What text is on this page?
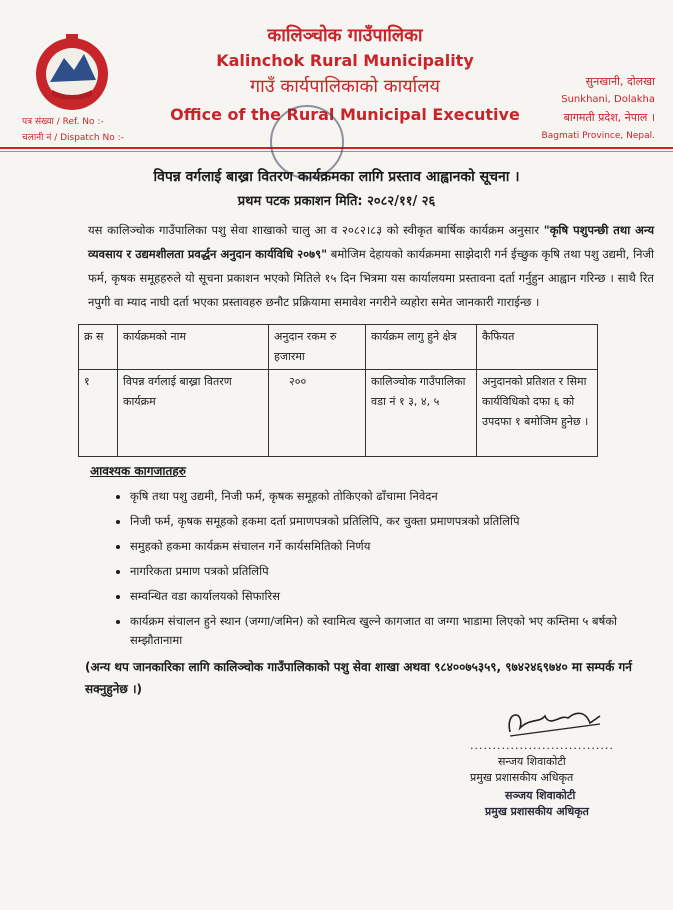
कालिञ्चोक गाउँपालिका
Kalinchok Rural Municipality
गाउँ कार्यपालिकाको कार्यालय
Office of the Rural Municipal Executive
पत्र संख्या / Ref. No :-
चलानी नं / Dispatch No :-
सुनखानी, दोलखा
Sunkhani, Dolakha
बागमती प्रदेश, नेपाल ।
Bagmati Province, Nepal.
विपन्न वर्गलाई बाख्रा वितरण कार्यक्रमका लागि प्रस्ताव आह्वानको सूचना ।
प्रथम पटक प्रकाशन मिति: २०८२/११/ २६
यस कालिञ्चोक गाउँपालिका पशु सेवा शाखाको चालु आ व २०८२।८३ को स्वीकृत बार्षिक कार्यक्रम अनुसार "कृषि पशुपन्छी तथा अन्य व्यवसाय र उद्यमशीलता प्रवर्द्धन अनुदान कार्यविधि २०७९" बमोजिम देहायको कार्यक्रममा साझेदारी गर्न ईच्छुक कृषि तथा पशु उद्यमी, निजी फर्म, कृषक समूहहरुले यो सूचना प्रकाशन भएको मितिले १५ दिन भित्रमा यस कार्यालयमा प्रस्तावना दर्ता गर्नुहुन आह्वान गरिन्छ । साथै रित नपुगी वा म्याद नाघी दर्ता भएका प्रस्तावहरु छनौट प्रक्रियामा समावेश नगरीने व्यहोरा समेत जानकारी गाराईन्छ ।
क्र स	कार्यक्रमको नाम	अनुदान रकम रु हजारमा	कार्यक्रम लागु हुने क्षेत्र	कैफियत
१	विपन्न वर्गलाई बाख्रा वितरण कार्यक्रम	२००	कालिञ्चोक गाउँपालिका वडा नं १ ३, ४, ५	अनुदानको प्रतिशत र सिमा कार्यविधिको दफा ६ को उपदफा १ बमोजिम हुनेछ ।
आवश्यक कागजातहरु
• कृषि तथा पशु उद्यमी, निजी फर्म, कृषक समूहको तोकिएको ढाँचामा निवेदन
• निजी फर्म, कृषक समूहको हकमा दर्ता प्रमाणपत्रको प्रतिलिपि, कर चुक्ता प्रमाणपत्रको प्रतिलिपि
• समुहको हकमा कार्यक्रम संचालन गर्ने कार्यसमितिको निर्णय
• नागरिकता प्रमाण पत्रको प्रतिलिपि
• सम्वन्धित वडा कार्यालयको सिफारिस
• कार्यक्रम संचालन हुने स्थान (जग्गा/जमिन) को स्वामित्व खुल्ने कागजात वा जग्गा भाडामा लिएको भए कम्तिमा ५ बर्षको सम्झौतानामा
(अन्य थप जानकारिका लागि कालिञ्चोक गाउँपालिकाको पशु सेवा शाखा अथवा ९८४००७५३५९, ९७४२४६९७४० मा सम्पर्क गर्न सक्नुहुनेछ ।)
................................
सन्जय शिवाकोटी
प्रमुख प्रशासकीय अधिकृत
सञ्जय शिवाकोटी
प्रमुख प्रशासकीय अधिकृत
